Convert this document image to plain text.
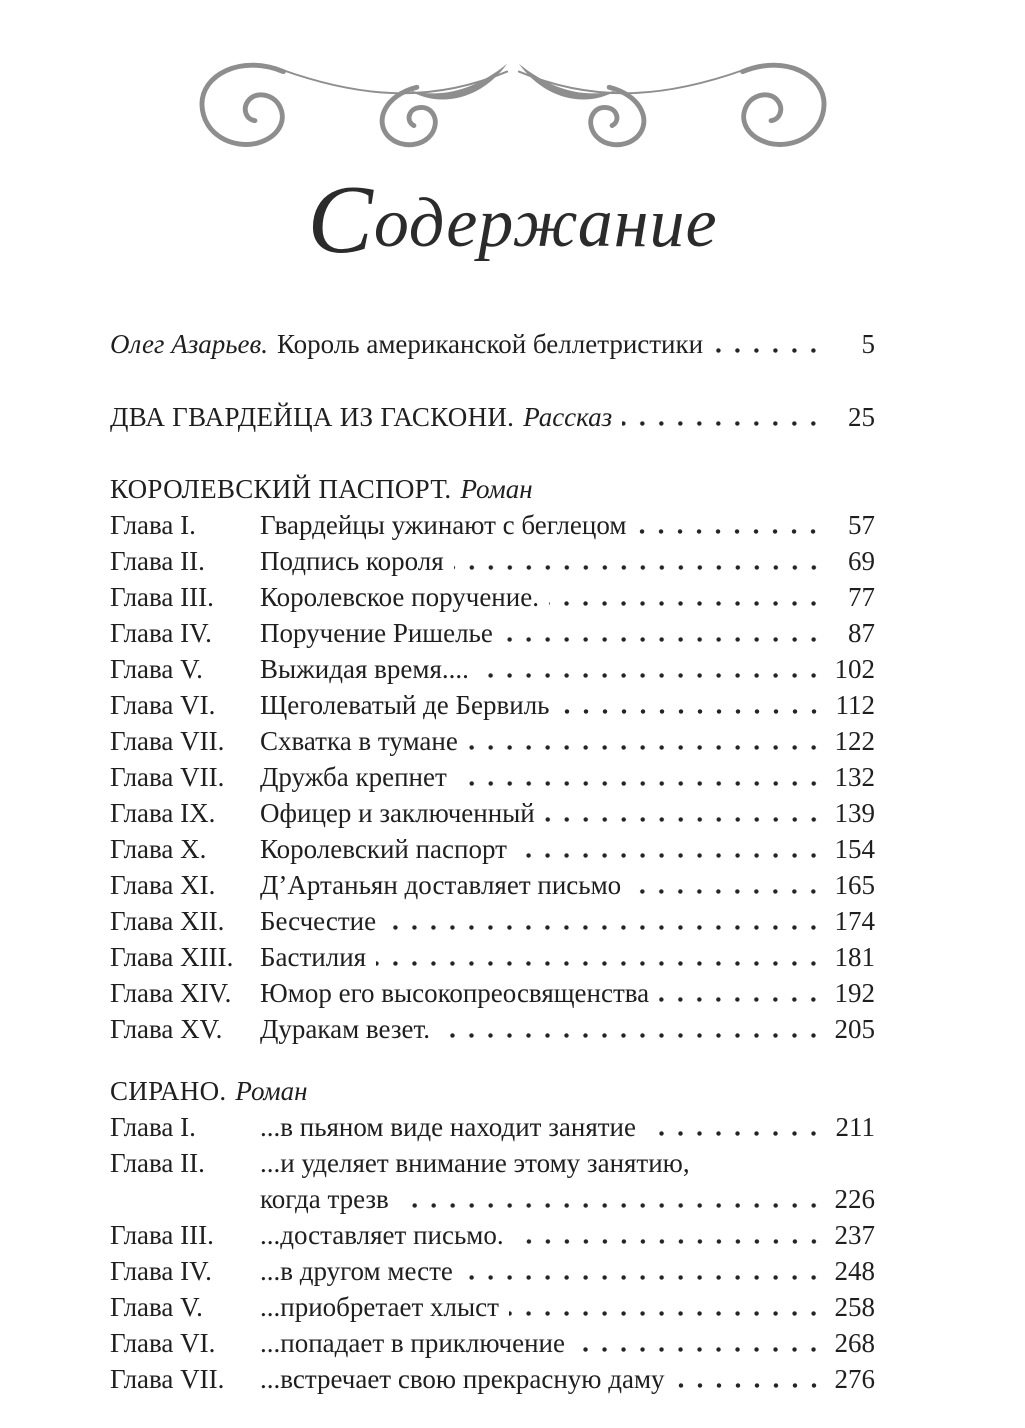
Содержание
Олег Азарьев. Король американской беллетристики	5
ДВА ГВАРДЕЙЦА ИЗ ГАСКОНИ. Рассказ	25
КОРОЛЕВСКИЙ ПАСПОРТ. Роман
Глава I.	Гвардейцы ужинают с беглецом	57
Глава II.	Подпись короля	69
Глава III.	Королевское поручение.	77
Глава IV.	Поручение Ришелье	87
Глава V.	Выжидая время....	102
Глава VI.	Щеголеватый де Бервиль	112
Глава VII.	Схватка в тумане	122
Глава VII.	Дружба крепнет	132
Глава IX.	Офицер и заключенный	139
Глава X.	Королевский паспорт	154
Глава XI.	Д’Артаньян доставляет письмо	165
Глава XII.	Бесчестие	174
Глава XIII. Бастилия	181
Глава XIV.	Юмор его высокопреосвященства	192
Глава XV.	Дуракам везет.	205
СИРАНО. Роман
Глава I.	...в пьяном виде находит занятие	211
Глава II.	...и уделяет внимание этому занятию,
когда трезв	226
Глава III.	...доставляет письмо.	237
Глава IV.	...в другом месте	248
Глава V.	...приобретает хлыст	258
Глава VI.	...попадает в приключение	268
Глава VII.	...встречает свою прекрасную даму	276
